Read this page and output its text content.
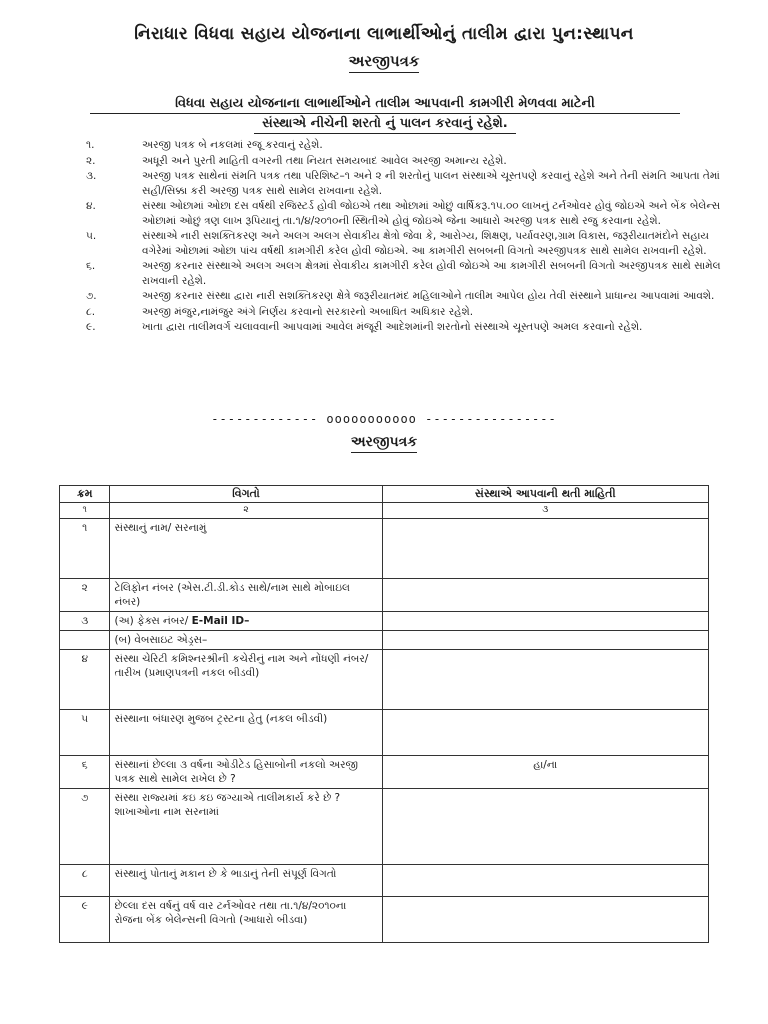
નિરાધાર વિધવા સહાય યોજનાના લાભાર્થીઓનું તાલીમ દ્વારા પુન:સ્થાપન
અરજીપત્રક
વિધવા સહાય યોજનાના લાભાર્થીઓને તાલીમ આપવાની કામગીરી મેળવવા માટેની
સંસ્થાએ નીચેની શરતો નું પાલન કરવાનું રહેશે.
૧.	અરજી પત્રક બે નકલમાં રજૂ કરવાનું રહેશે.
૨.	અધૂરી અને પુરતી માહિતી વગરની તથા નિયત સમયબાદ આવેલ અરજી અમાન્ય રહેશે.
૩.	અરજી પત્રક સાથેનાં સંમતિ પત્રક તથા પરિશિષ્ટ–૧ અને ૨ ની શરતોનું પાલન સંસ્થાએ ચૂસ્તપણે કરવાનું રહેશે અને તેની સંમતિ આપતા તેમાં સહી/સિક્કા કરી અરજી પત્રક સાથે સામેલ રાખવાના રહેશે.
૪.	સંસ્થા ઓછામાં ઓછા દસ વર્ષથી રજિસ્ટર્ડ હોવી જોઇએ તથા ઓછામાં ઓછું વાર્ષિકરૂ.૧૫.૦૦ લાખનું ટર્નઓવર હોવું જોઇએ અને બેંક બેલેન્સ ઓછામાં ઓછું ત્રણ લાખ રૂપિયાનું તા.૧/૪/૨૦૧૦ની સ્થિતીએ હોવું જોઇએ જેના આધારો અરજી પત્રક સાથે રજુ કરવાના રહેશે.
૫.	સંસ્થાએ નારી સશક્તિકરણ અને અલગ અલગ સેવાકીય ક્ષેત્રો જેવા કે, આરોગ્ય, શિક્ષણ, પર્યાવરણ,ગ્રામ વિકાસ, જરૂરીયાતમંદોને સહાય વગેરેમાં ઓછામાં ઓછા પાંચ વર્ષથી કામગીરી કરેલ હોવી જોઇએ. આ કામગીરી સબબની વિગતો અરજીપત્રક સાથે સામેલ રાખવાની રહેશે.
૬.	અરજી કરનાર સંસ્થાએ અલગ અલગ ક્ષેત્રમાં સેવાકીય કામગીરી કરેલ હોવી જોઇએ આ કામગીરી સબબની વિગતો અરજીપત્રક સાથે સામેલ રાખવાની રહેશે.
૭.	અરજી કરનાર સંસ્થા દ્વારા નારી સશક્તિકરણ ક્ષેત્રે જરૂરીયાતમંદ મહિલાઓને તાલીમ આપેલ હોય તેવી સંસ્થાને પ્રાધાન્ય આપવામાં આવશે.
૮.	અરજી મંજુર,નામંજુર અંગે નિર્ણય કરવાનો સરકારનો અબાધિત અધિકાર રહેશે.
૯.	ખાતા દ્વારા તાલીમવર્ગ ચલાવવાની આપવામાં આવેલ મંજૂરી આદેશમાંની શરતોનો સંસ્થાએ ચૂસ્તપણે અમલ કરવાનો રહેશે.
------------- ooooooooooo ----------------
અરજીપત્રક
ક્રમ	વિગતો	સંસ્થાએ આપવાની થતી માહિતી
૧	૨	૩
૧	સંસ્થાનું નામ/ સરનામું	
૨	ટેલિફોન નંબર (એસ.ટી.ડી.કોડ સાથે/નામ સાથે મોબાઇલ નંબર)	
૩	(અ) ફેક્સ નંબર/ E-Mail ID–	
	(બ) વેબસાઇટ એડ્રસ–	
૪	સંસ્થા ચેરિટી કમિશ્નરશ્રીની કચેરીનું નામ અને નોંધણી નંબર/તારીખ (પ્રમાણપત્રની નકલ બીડવી)	
૫	સંસ્થાના બંધારણ મુજબ ટ્રસ્ટના હેતુ (નકલ બીડવી)	
૬	સંસ્થાનાં છેલ્લા ૩ વર્ષના ઓડીટેડ હિસાબોની નકલો અરજી પત્રક સાથે સામેલ રાખેલ છે ?	હા/ના
૭	સંસ્થા રાજ્યમાં કઇ કઇ જગ્યાએ તાલીમકાર્ય કરે છે ? શાખાઓના નામ સરનામાં	
૮	સંસ્થાનું પોતાનું મકાન છે કે ભાડાનું તેની સંપૂર્ણ વિગતો	
૯	છેલ્લા દસ વર્ષનું વર્ષ વાર ટર્નઓવર તથા તા.૧/૪/૨૦૧૦ના રોજના બેંક બેલેન્સની વિગતો (આધારો બીડવા)	
